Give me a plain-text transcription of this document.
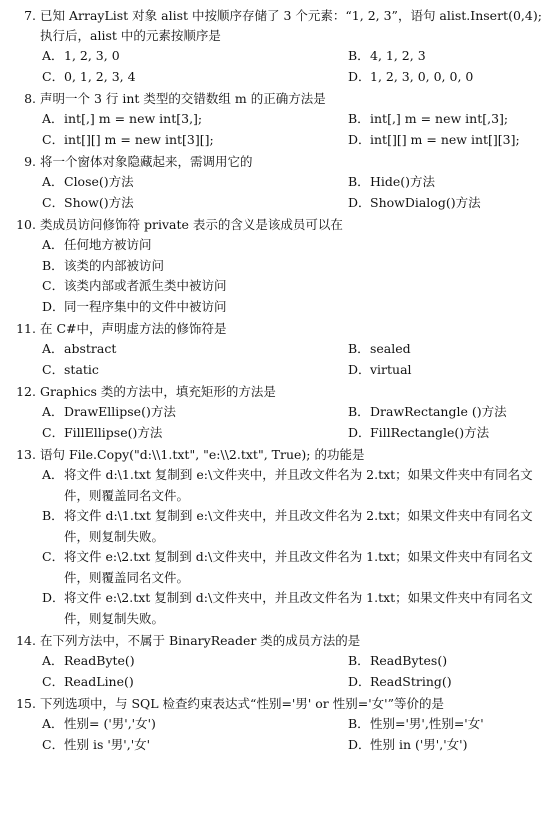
7. 已知 ArrayList 对象 alist 中按顺序存储了 3 个元素：“1, 2, 3”，语句 alist.Insert(0,4);
执行后，alist 中的元素按顺序是
A． 1, 2, 3, 0	B． 4, 1, 2, 3
C． 0, 1, 2, 3, 4	D． 1, 2, 3, 0, 0, 0, 0
8. 声明一个 3 行 int 类型的交错数组 m 的正确方法是
A． int[,] m = new int[3,];	B． int[,] m = new int[,3];
C． int[][] m = new int[3][];	D． int[][] m = new int[][3];
9. 将一个窗体对象隐藏起来，需调用它的
A． Close()方法	B． Hide()方法
C． Show()方法	D． ShowDialog()方法
10. 类成员访问修饰符 private 表示的含义是该成员可以在
A． 任何地方被访问
B． 该类的内部被访问
C． 该类内部或者派生类中被访问
D． 同一程序集中的文件中被访问
11. 在 C#中，声明虚方法的修饰符是
A． abstract	B． sealed
C． static	D． virtual
12. Graphics 类的方法中，填充矩形的方法是
A． DrawEllipse()方法	B． DrawRectangle ()方法
C． FillEllipse()方法	D． FillRectangle()方法
13. 语句 File.Copy("d:\\1.txt", "e:\\2.txt", True); 的功能是
A． 将文件 d:\1.txt 复制到 e:\文件夹中，并且改文件名为 2.txt；如果文件夹中有同名文件，则覆盖同名文件。
B． 将文件 d:\1.txt 复制到 e:\文件夹中，并且改文件名为 2.txt；如果文件夹中有同名文件，则复制失败。
C． 将文件 e:\2.txt 复制到 d:\文件夹中，并且改文件名为 1.txt；如果文件夹中有同名文件，则覆盖同名文件。
D． 将文件 e:\2.txt 复制到 d:\文件夹中，并且改文件名为 1.txt；如果文件夹中有同名文件，则复制失败。
14. 在下列方法中，不属于 BinaryReader 类的成员方法的是
A． ReadByte()	B． ReadBytes()
C． ReadLine()	D． ReadString()
15. 下列选项中，与 SQL 检查约束表达式“性别='男' or 性别='女'”等价的是
A． 性别= ('男','女')	B． 性别='男',性别='女'
C． 性别 is '男','女'	D． 性别 in ('男','女')
